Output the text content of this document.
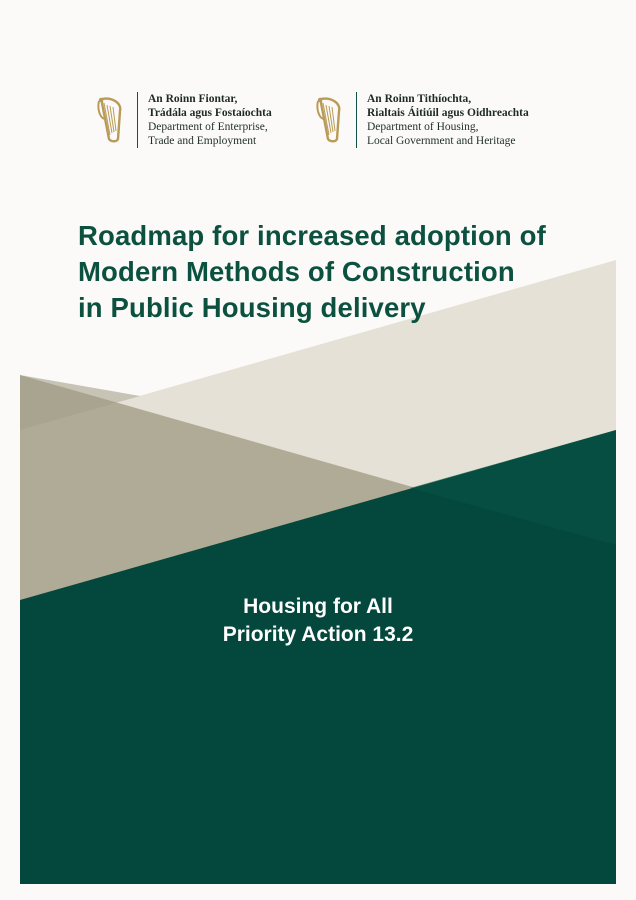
An Roinn Fiontar,
Trádála agus Fostaíochta
Department of Enterprise,
Trade and Employment
An Roinn Tithíochta,
Rialtais Áitiúil agus Oidhreachta
Department of Housing,
Local Government and Heritage
Roadmap for increased adoption of
Modern Methods of Construction
in Public Housing delivery
Housing for All
Priority Action 13.2
